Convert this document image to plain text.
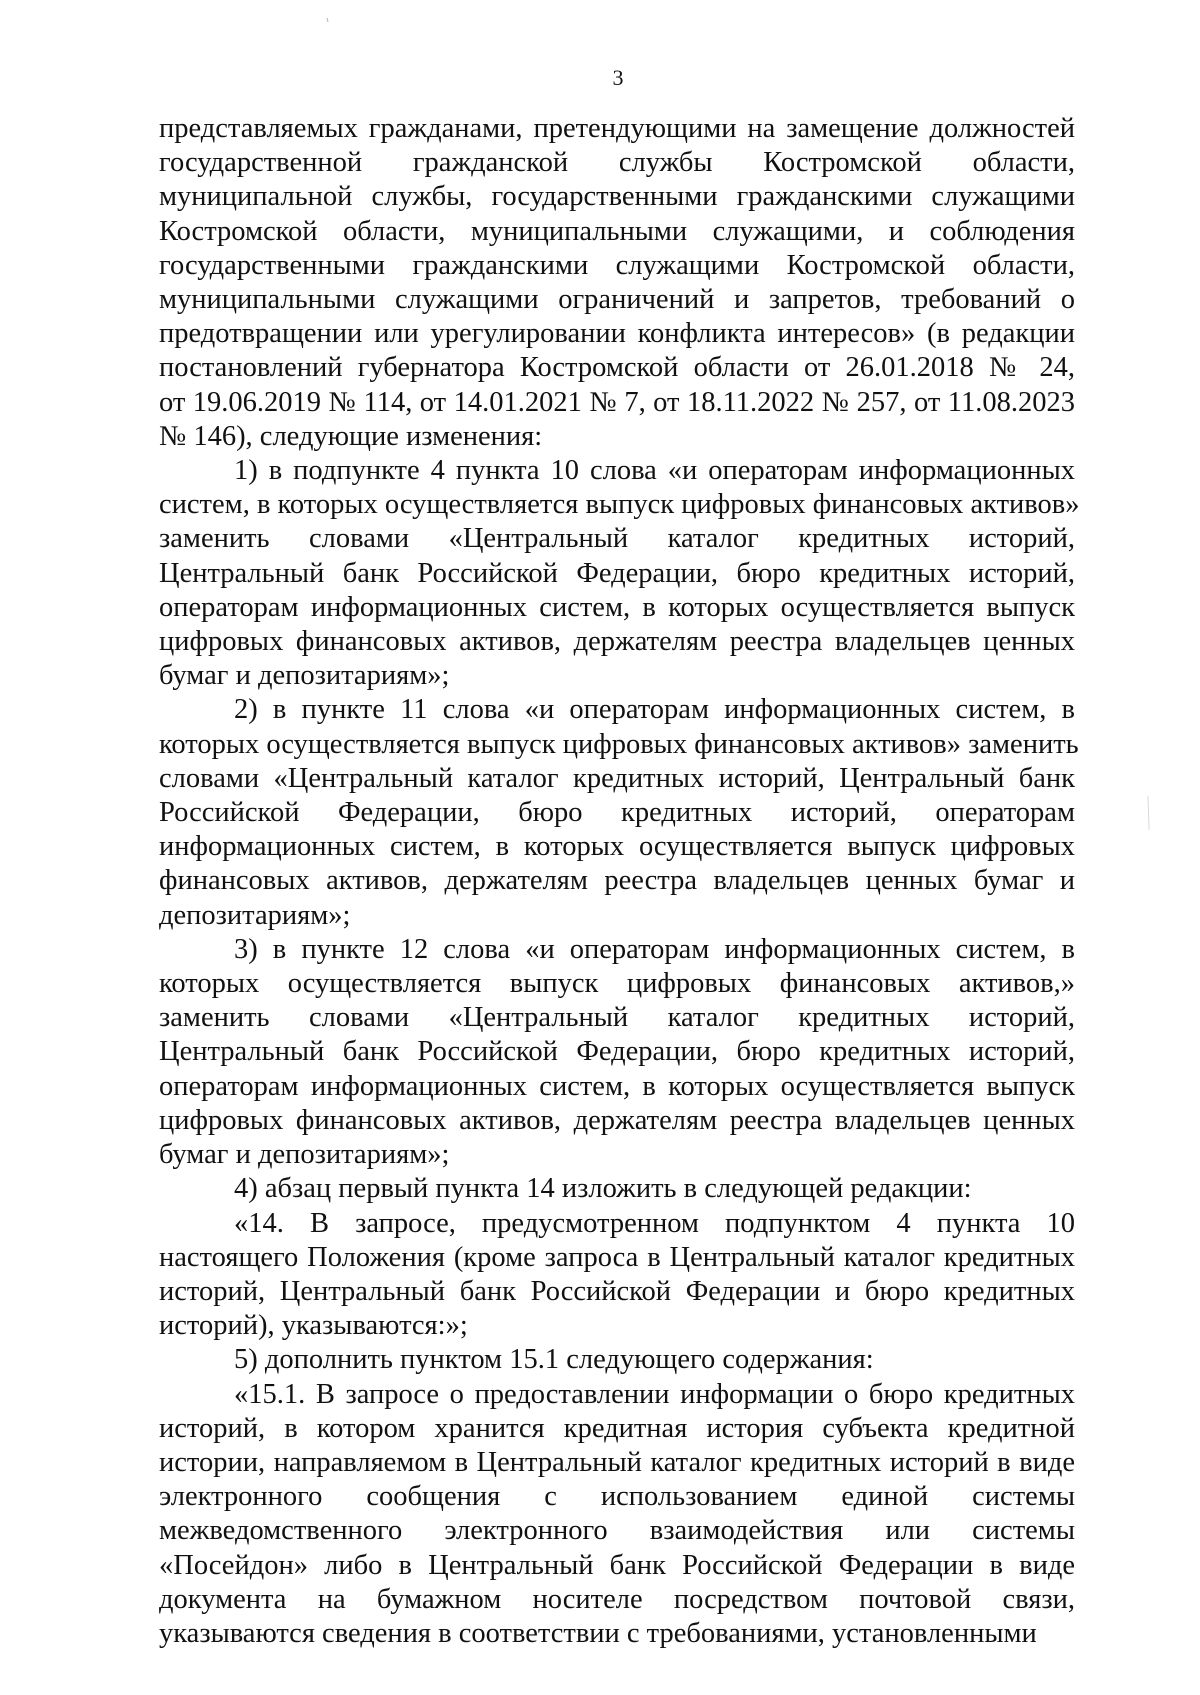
3
представляемых гражданами, претендующими на замещение должностей
государственной гражданской службы Костромской области,
муниципальной службы, государственными гражданскими служащими
Костромской области, муниципальными служащими, и соблюдения
государственными гражданскими служащими Костромской области,
муниципальными служащими ограничений и запретов, требований о
предотвращении или урегулировании конфликта интересов» (в редакции
постановлений губернатора Костромской области от 26.01.2018 № 24,
от 19.06.2019 № 114, от 14.01.2021 № 7, от 18.11.2022 № 257, от 11.08.2023
№ 146), следующие изменения:
1) в подпункте 4 пункта 10 слова «и операторам информационных
систем, в которых осуществляется выпуск цифровых финансовых активов»
заменить словами «Центральный каталог кредитных историй,
Центральный банк Российской Федерации, бюро кредитных историй,
операторам информационных систем, в которых осуществляется выпуск
цифровых финансовых активов, держателям реестра владельцев ценных
бумаг и депозитариям»;
2) в пункте 11 слова «и операторам информационных систем, в
которых осуществляется выпуск цифровых финансовых активов» заменить
словами «Центральный каталог кредитных историй, Центральный банк
Российской Федерации, бюро кредитных историй, операторам
информационных систем, в которых осуществляется выпуск цифровых
финансовых активов, держателям реестра владельцев ценных бумаг и
депозитариям»;
3) в пункте 12 слова «и операторам информационных систем, в
которых осуществляется выпуск цифровых финансовых активов,»
заменить словами «Центральный каталог кредитных историй,
Центральный банк Российской Федерации, бюро кредитных историй,
операторам информационных систем, в которых осуществляется выпуск
цифровых финансовых активов, держателям реестра владельцев ценных
бумаг и депозитариям»;
4) абзац первый пункта 14 изложить в следующей редакции:
«14. В запросе, предусмотренном подпунктом 4 пункта 10
настоящего Положения (кроме запроса в Центральный каталог кредитных
историй, Центральный банк Российской Федерации и бюро кредитных
историй), указываются:»;
5) дополнить пунктом 15.1 следующего содержания:
«15.1. В запросе о предоставлении информации о бюро кредитных
историй, в котором хранится кредитная история субъекта кредитной
истории, направляемом в Центральный каталог кредитных историй в виде
электронного сообщения с использованием единой системы
межведомственного электронного взаимодействия или системы
«Посейдон» либо в Центральный банк Российской Федерации в виде
документа на бумажном носителе посредством почтовой связи,
указываются сведения в соответствии с требованиями, установленными
